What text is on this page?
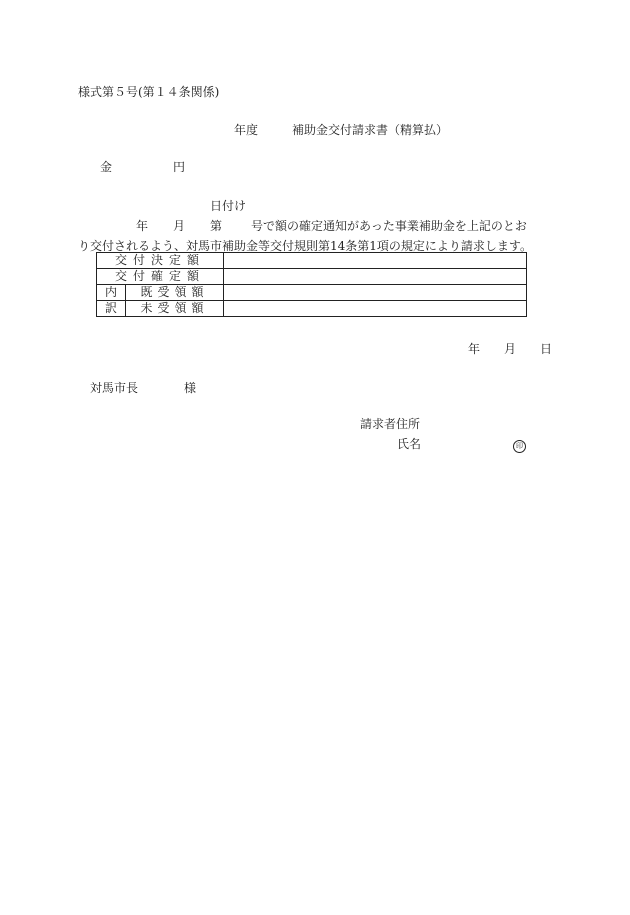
様式第５号(第１４条関係)
年度	補助金交付請求書（精算払）
金	円
年 月日付け第 号で額の確定通知があった事業補助金を上記のとお
り交付されるよう、対馬市補助金等交付規則第14条第1項の規定により請求します。
交付決定額		
交付確定額		
内	既受領額	
訳	未受領額	
年 月 日
対馬市長	様
請求者住所
氏名	印
